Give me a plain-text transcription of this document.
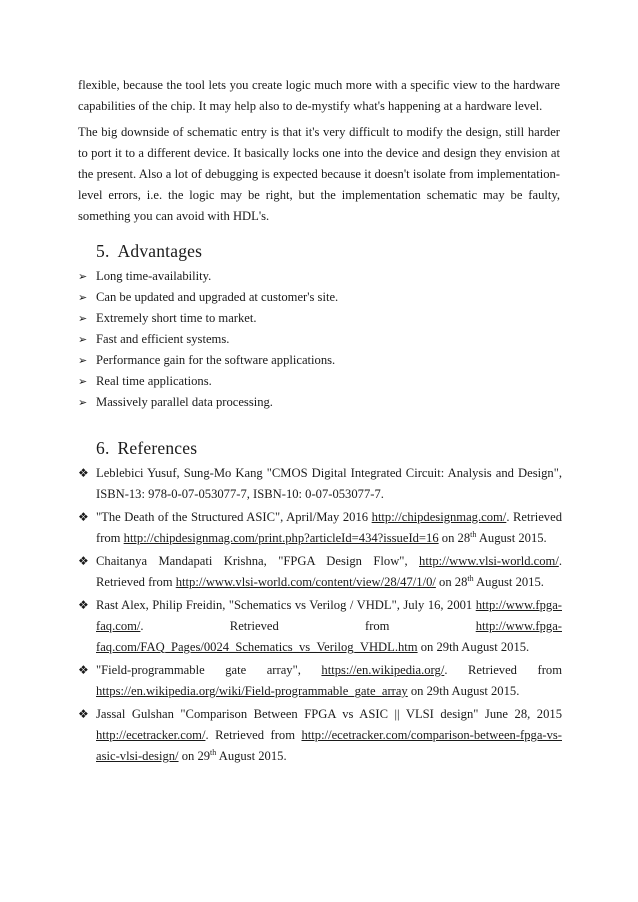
flexible, because the tool lets you create logic much more with a specific view to the hardware capabilities of the chip. It may help also to de-mystify what's happening at a hardware level.

The big downside of schematic entry is that it's very difficult to modify the design, still harder to port it to a different device. It basically locks one into the device and design they envision at the present. Also a lot of debugging is expected because it doesn't isolate from implementation-level errors, i.e. the logic may be right, but the implementation schematic may be faulty, something you can avoid with HDL's.

5. Advantages
➢ Long time-availability.
➢ Can be updated and upgraded at customer's site.
➢ Extremely short time to market.
➢ Fast and efficient systems.
➢ Performance gain for the software applications.
➢ Real time applications.
➢ Massively parallel data processing.
6. References
❖ Leblebici Yusuf, Sung-Mo Kang "CMOS Digital Integrated Circuit: Analysis and Design", ISBN-13: 978-0-07-053077-7, ISBN-10: 0-07-053077-7.
❖ "The Death of the Structured ASIC", April/May 2016 http://chipdesignmag.com/. Retrieved from http://chipdesignmag.com/print.php?articleId=434?issueId=16 on 28th August 2015.
❖ Chaitanya Mandapati Krishna, "FPGA Design Flow", http://www.vlsi-world.com/. Retrieved from http://www.vlsi-world.com/content/view/28/47/1/0/ on 28th August 2015.
❖ Rast Alex, Philip Freidin, "Schematics vs Verilog / VHDL", July 16, 2001 http://www.fpga-faq.com/. Retrieved from http://www.fpga-faq.com/FAQ_Pages/0024_Schematics_vs_Verilog_VHDL.htm on 29th August 2015.
❖ "Field-programmable gate array", https://en.wikipedia.org/. Retrieved from https://en.wikipedia.org/wiki/Field-programmable_gate_array on 29th August 2015.
❖ Jassal Gulshan "Comparison Between FPGA vs ASIC || VLSI design" June 28, 2015 http://ecetracker.com/. Retrieved from http://ecetracker.com/comparison-between-fpga-vs-asic-vlsi-design/ on 29th August 2015.
